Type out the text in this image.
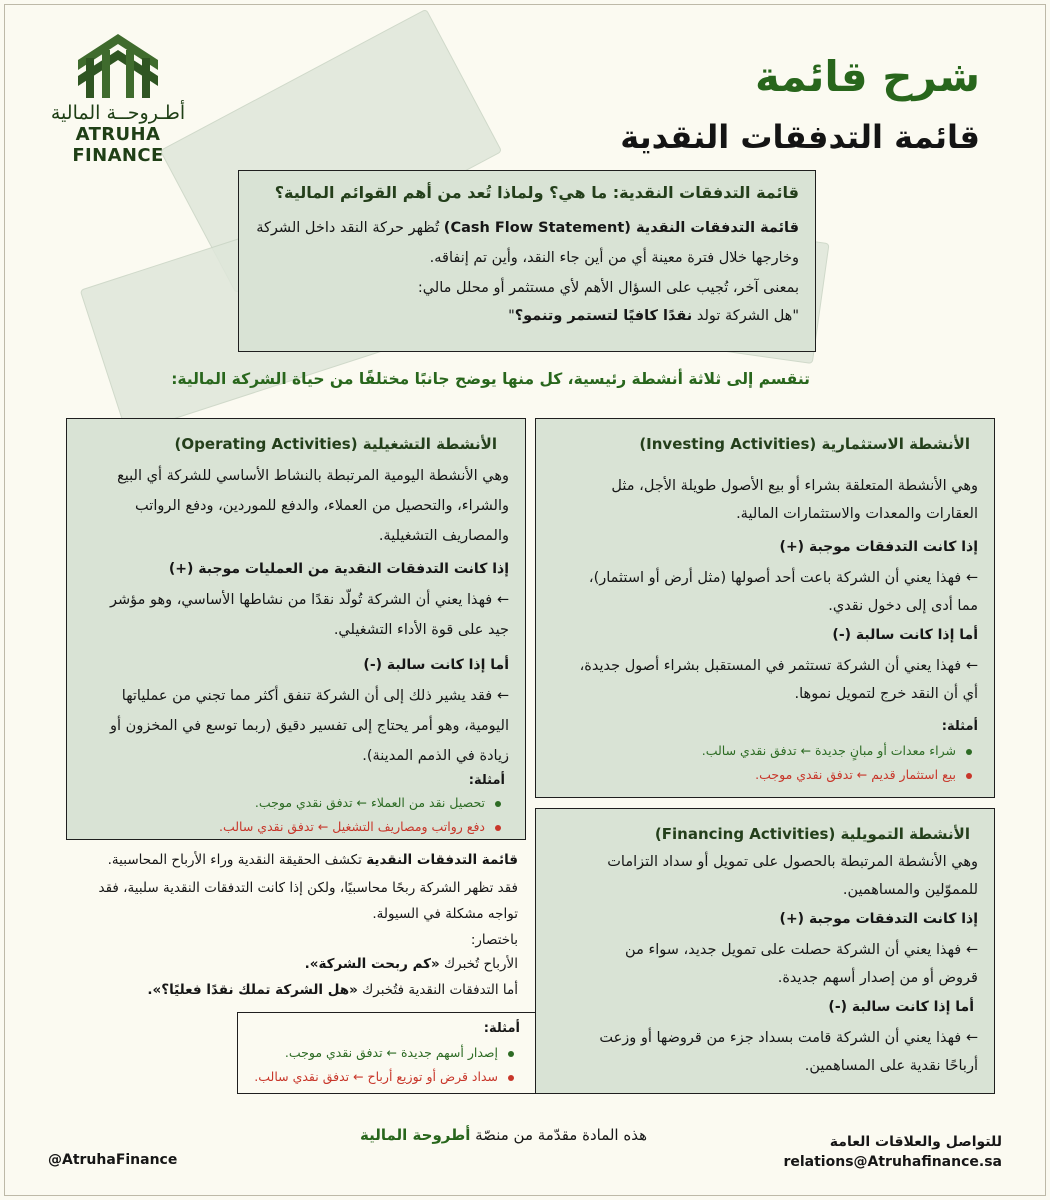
أطـروحــة المالية
ATRUHA FINANCE
شرح قائمة
قائمة التدفقات النقدية
قائمة التدفقات النقدية: ما هي؟ ولماذا تُعد من أهم القوائم المالية؟

قائمة التدفقات النقدية (Cash Flow Statement) تُظهر حركة النقد داخل الشركة

وخارجها خلال فترة معينة أي من أين جاء النقد، وأين تم إنفاقه.

بمعنى آخر، تُجيب على السؤال الأهم لأي مستثمر أو محلل مالي:

"هل الشركة تولد نقدًا كافيًا لتستمر وتنمو؟"

تنقسم إلى ثلاثة أنشطة رئيسية، كل منها يوضح جانبًا مختلفًا من حياة الشركة المالية:
الأنشطة التشغيلية (Operating Activities)

وهي الأنشطة اليومية المرتبطة بالنشاط الأساسي للشركة أي البيع

والشراء، والتحصيل من العملاء، والدفع للموردين، ودفع الرواتب

والمصاريف التشغيلية.

إذا كانت التدفقات النقدية من العمليات موجبة (+)

← فهذا يعني أن الشركة تُولّد نقدًا من نشاطها الأساسي، وهو مؤشر

جيد على قوة الأداء التشغيلي.

أما إذا كانت سالبة (-)

← فقد يشير ذلك إلى أن الشركة تنفق أكثر مما تجني من عملياتها

اليومية، وهو أمر يحتاج إلى تفسير دقيق (ربما توسع في المخزون أو

زيادة في الذمم المدينة).

أمثلة:

تحصيل نقد من العملاء ← تدفق نقدي موجب.

دفع رواتب ومصاريف التشغيل ← تدفق نقدي سالب.

الأنشطة الاستثمارية (Investing Activities)

وهي الأنشطة المتعلقة بشراء أو بيع الأصول طويلة الأجل، مثل

العقارات والمعدات والاستثمارات المالية.

إذا كانت التدفقات موجبة (+)

← فهذا يعني أن الشركة باعت أحد أصولها (مثل أرض أو استثمار)،

مما أدى إلى دخول نقدي.

أما إذا كانت سالبة (-)

← فهذا يعني أن الشركة تستثمر في المستقبل بشراء أصول جديدة،

أي أن النقد خرج لتمويل نموها.

أمثلة:

شراء معدات أو مبانٍ جديدة ← تدفق نقدي سالب.

بيع استثمار قديم ← تدفق نقدي موجب.

أمثلة:

إصدار أسهم جديدة ← تدفق نقدي موجب.

سداد قرض أو توزيع أرباح ← تدفق نقدي سالب.

الأنشطة التمويلية (Financing Activities)

وهي الأنشطة المرتبطة بالحصول على تمويل أو سداد التزامات

للمموّلين والمساهمين.

إذا كانت التدفقات موجبة (+)

← فهذا يعني أن الشركة حصلت على تمويل جديد، سواء من

قروض أو من إصدار أسهم جديدة.

أما إذا كانت سالبة (-)

← فهذا يعني أن الشركة قامت بسداد جزء من قروضها أو وزعت

أرباحًا نقدية على المساهمين.

قائمة التدفقات النقدية تكشف الحقيقة النقدية وراء الأرباح المحاسبية.

فقد تظهر الشركة ربحًا محاسبيًا، ولكن إذا كانت التدفقات النقدية سلبية، فقد

تواجه مشكلة في السيولة.

باختصار:

الأرباح تُخبرك «كم ربحت الشركة».

أما التدفقات النقدية فتُخبرك «هل الشركة تملك نقدًا فعليًا؟».

هذه المادة مقدّمة من منصّة أطروحة المالية
@AtruhaFinance
للتواصل والعلاقات العامة
relations@Atruhafinance.sa
